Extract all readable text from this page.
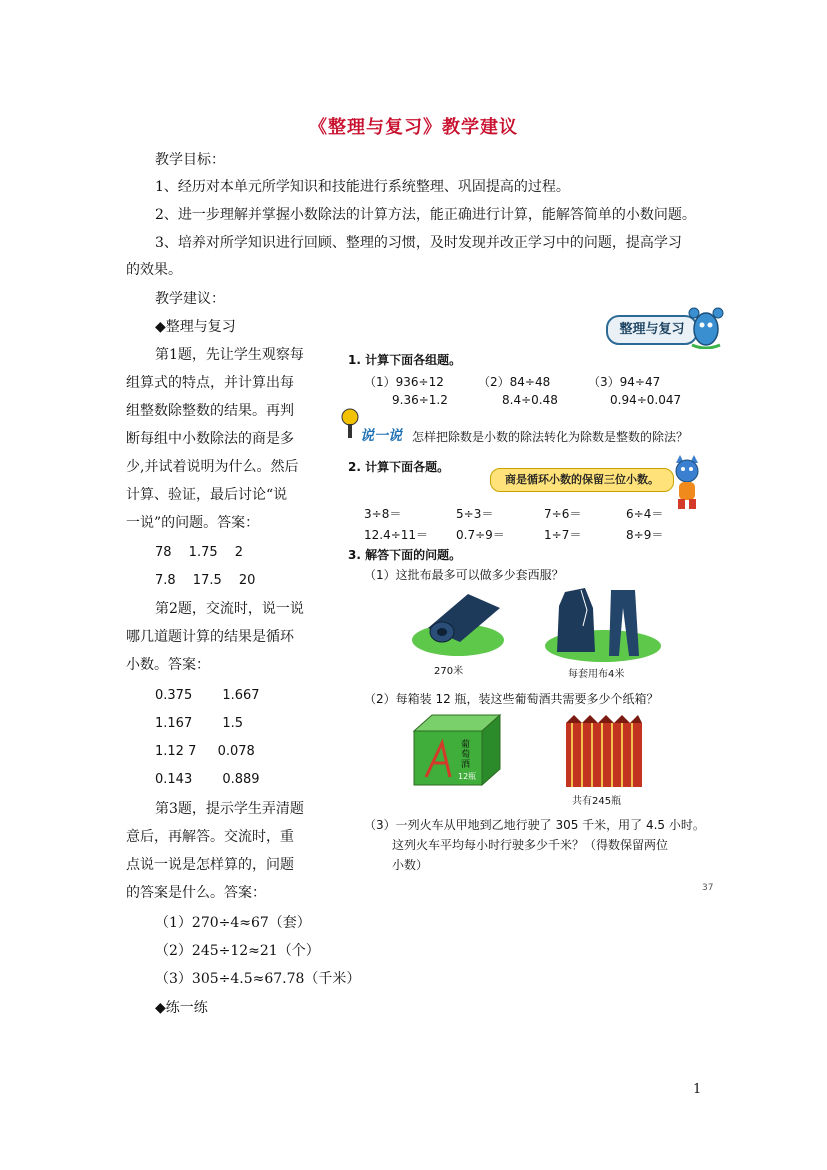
《整理与复习》教学建议
教学目标：
1、经历对本单元所学知识和技能进行系统整理、巩固提高的过程。
2、进一步理解并掌握小数除法的计算方法，能正确进行计算，能解答简单的小数问题。
3、培养对所学知识进行回顾、整理的习惯，及时发现并改正学习中的问题，提高学习
的效果。
教学建议：
◆整理与复习
第1题，先让学生观察每
组算式的特点，并计算出每
组整数除整数的结果。再判
断每组中小数除法的商是多
少,并试着说明为什么。然后
计算、验证，最后讨论“说
一说”的问题。答案：
78　 1.75 　2
7.8　 17.5 　20
第2题，交流时，说一说
哪几道题计算的结果是循环
小数。答案：
0.375 　　1.667
1.167 　　1.5
1.12 7 　 0.078
0.143 　　0.889
第3题，提示学生弄清题
意后，再解答。交流时，重
点说一说是怎样算的，问题
的答案是什么。答案：
（1）270÷4≈67（套）
（2）245÷12≈21（个）
（3）305÷4.5≈67.78（千米）
◆练一练
整理与复习
1. 计算下面各组题。
（1）936÷12	（2）84÷48	（3）94÷47
9.36÷1.2	8.4÷0.48	0.94÷0.047
说一说 怎样把除数是小数的除法转化为除数是整数的除法？
2. 计算下面各题。
商是循环小数的保留三位小数。
3÷8＝	5÷3＝	7÷6＝	6÷4＝
12.4÷11＝ 0.7÷9＝	1÷7＝	8÷9＝
3. 解答下面的问题。
（1）这批布最多可以做多少套西服？
270米	每套用布4米
（2）每箱装 12 瓶，装这些葡萄酒共需要多少个纸箱？
葡
萄
酒
12瓶
共有245瓶
（3）一列火车从甲地到乙地行驶了 305 千米，用了 4.5 小时。
这列火车平均每小时行驶多少千米？（得数保留两位
小数）
37
1
